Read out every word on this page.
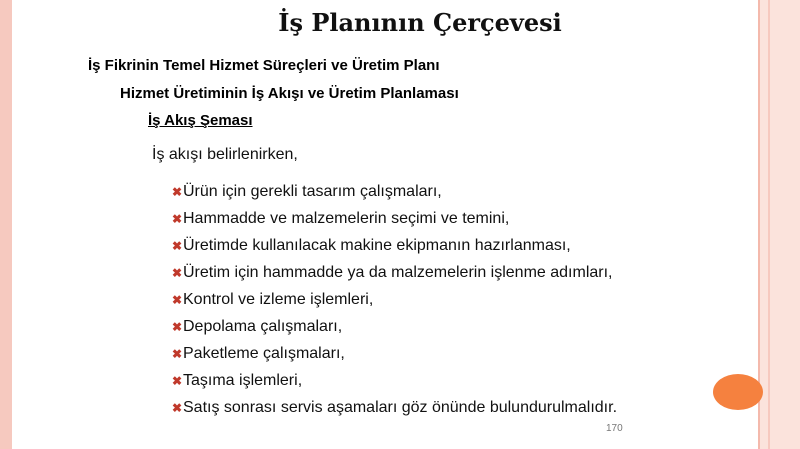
İş Planının Çerçevesi
İş Fikrinin Temel Hizmet Süreçleri ve Üretim Planı
Hizmet Üretiminin İş Akışı ve Üretim Planlaması
İş Akış Şeması
İş akışı belirlenirken,
✖ Ürün için gerekli tasarım çalışmaları,
✖ Hammadde ve malzemelerin seçimi ve temini,
✖ Üretimde kullanılacak makine ekipmanın hazırlanması,
✖ Üretim için hammadde ya da malzemelerin işlenme adımları,
✖ Kontrol ve izleme işlemleri,
✖ Depolama çalışmaları,
✖ Paketleme çalışmaları,
✖ Taşıma işlemleri,
✖ Satış sonrası servis aşamaları göz önünde bulundurulmalıdır.
170
